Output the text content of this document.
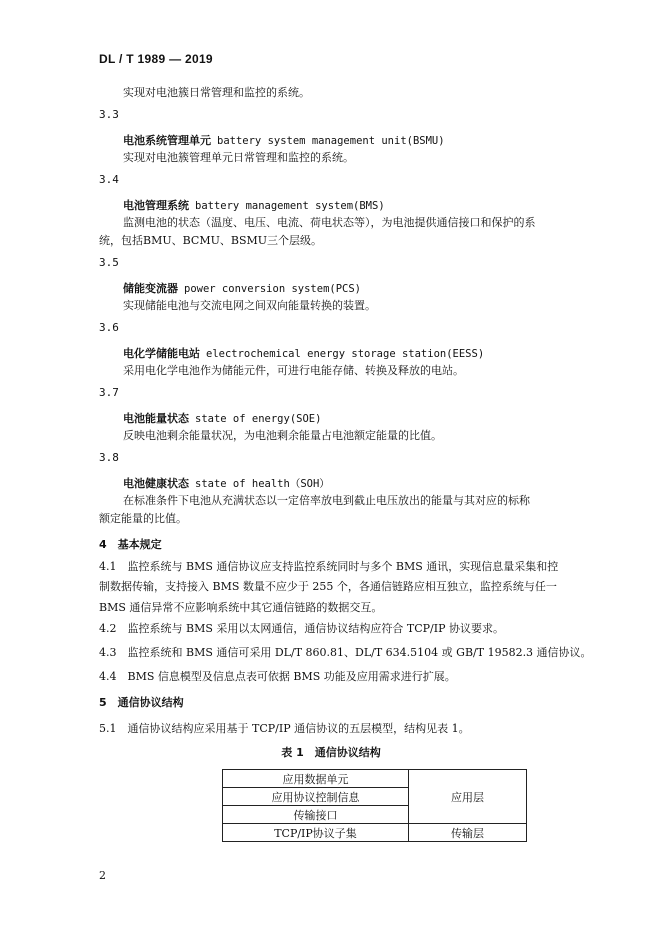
DL / T 1989 — 2019
实现对电池簇日常管理和监控的系统。
3.3
电池系统管理单元 battery system management unit(BSMU)
实现对电池簇管理单元日常管理和监控的系统。
3.4
电池管理系统 battery management system(BMS)
监测电池的状态（温度、电压、电流、荷电状态等），为电池提供通信接口和保护的系
统，包括BMU、BCMU、BSMU三个层级。
3.5
储能变流器 power conversion system(PCS)
实现储能电池与交流电网之间双向能量转换的装置。
3.6
电化学储能电站 electrochemical energy storage station(EESS)
采用电化学电池作为储能元件，可进行电能存储、转换及释放的电站。
3.7
电池能量状态 state of energy(SOE)
反映电池剩余能量状况，为电池剩余能量占电池额定能量的比值。
3.8
电池健康状态 state of health（SOH）
在标准条件下电池从充满状态以一定倍率放电到截止电压放出的能量与其对应的标称
额定能量的比值。
4　基本规定

4.1　监控系统与 BMS 通信协议应支持监控系统同时与多个 BMS 通讯，实现信息量采集和控

制数据传输，支持接入 BMS 数量不应少于 255 个，各通信链路应相互独立，监控系统与任一

BMS 通信异常不应影响系统中其它通信链路的数据交互。

4.2　监控系统与 BMS 采用以太网通信，通信协议结构应符合 TCP/IP 协议要求。
4.3　监控系统和 BMS 通信可采用 DL/T 860.81、DL/T 634.5104 或 GB/T 19582.3 通信协议。
4.4　BMS 信息模型及信息点表可依据 BMS 功能及应用需求进行扩展。
5　通信协议结构
5.1　通信协议结构应采用基于 TCP/IP 通信协议的五层模型，结构见表 1。
表 1　通信协议结构
应用数据单元	应用层
应用协议控制信息	
传输接口	
TCP/IP协议子集	传输层
2
